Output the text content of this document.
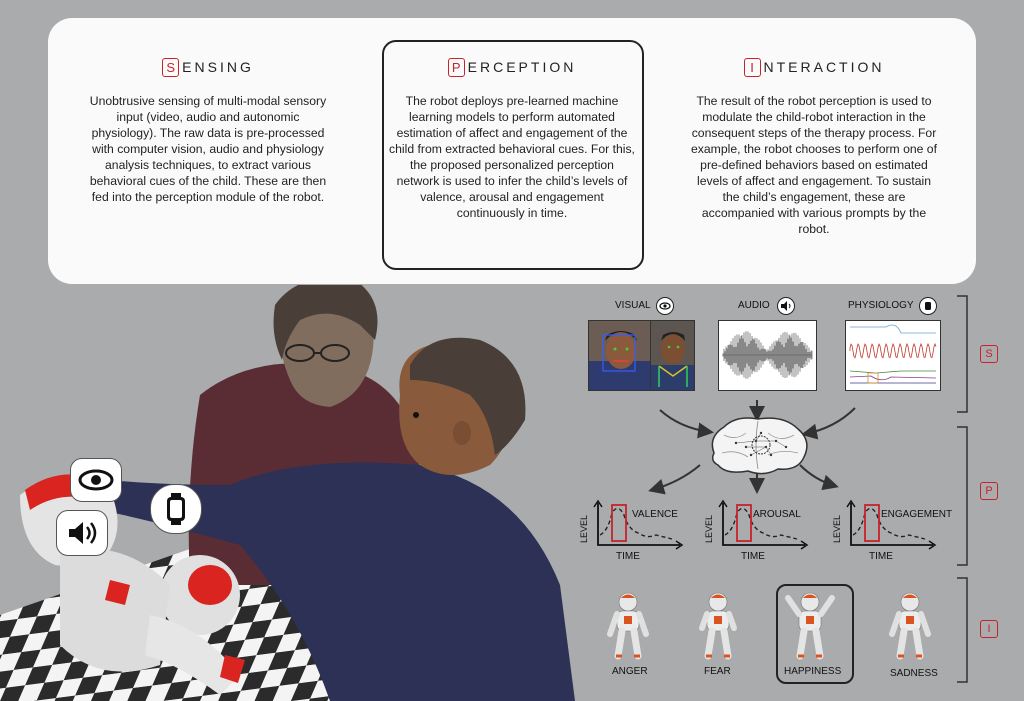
S ENSING
Unobtrusive sensing of multi-modal sensory input (video, audio and autonomic physiology). The raw data is pre-processed with computer vision, audio and physiology analysis techniques, to extract various behavioral cues of the child. These are then fed into the perception module of the robot.
P ERCEPTION
The robot deploys pre-learned machine learning models to perform automated estimation of affect and engagement of the child from extracted behavioral cues. For this, the proposed personalized perception network is used to infer the child’s levels of valence, arousal and engagement continuously in time.
I NTERACTION
The result of the robot perception is used to modulate the child-robot interaction in the consequent steps of the therapy process. For example, the robot chooses to perform one of pre-defined behaviors based on estimated levels of affect and engagement. To sustain the child’s engagement, these are accompanied with various prompts by the robot.
VISUAL	AUDIO	PHYSIOLOGY
LEVEL
VALENCE
TIME
LEVEL
AROUSAL
TIME
LEVEL
ENGAGEMENT
TIME
ANGER	FEAR	HAPPINESS	SADNESS
S
P
I
